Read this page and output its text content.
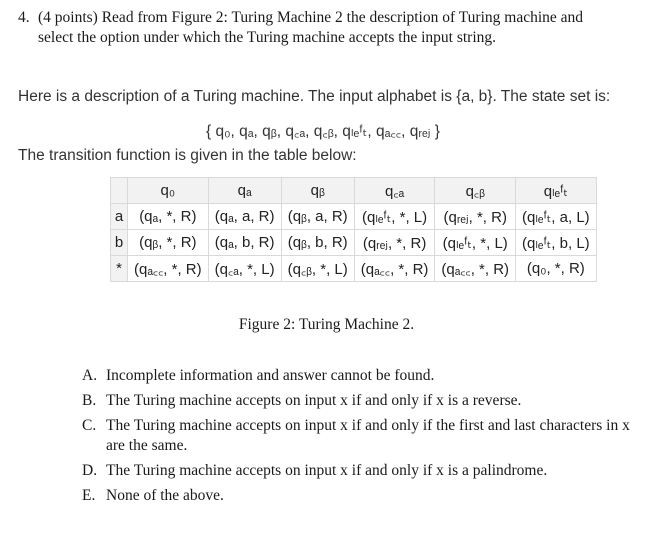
4. (4 points) Read from Figure 2: Turing Machine 2 the description of Turing machine and
select the option under which the Turing machine accepts the input string.
Here is a description of a Turing machine. The input alphabet is {a, b}. The state set is:
{ q₀, qₐ, qᵦ, q꜀ₐ, q꜀ᵦ, qₗₑᶠₜ, qₐ꜀꜀, qᵣₑⱼ }
The transition function is given in the table below:
	q₀	qₐ	qᵦ	q꜀ₐ	q꜀ᵦ	qₗₑᶠₜ
a	(qₐ, *, R)	(qₐ, a, R)	(qᵦ, a, R)	(qₗₑᶠₜ, *, L)	(qᵣₑⱼ, *, R)	(qₗₑᶠₜ, a, L)
b	(qᵦ, *, R)	(qₐ, b, R)	(qᵦ, b, R)	(qᵣₑⱼ, *, R)	(qₗₑᶠₜ, *, L)	(qₗₑᶠₜ, b, L)
*	(qₐ꜀꜀, *, R)	(q꜀ₐ, *, L)	(q꜀ᵦ, *, L)	(qₐ꜀꜀, *, R)	(qₐ꜀꜀, *, R)	(q₀, *, R)
Figure 2: Turing Machine 2.
A. Incomplete information and answer cannot be found.
B. The Turing machine accepts on input x if and only if x is a reverse.
C. The Turing machine accepts on input x if and only if the first and last characters in x are the same.
D. The Turing machine accepts on input x if and only if x is a palindrome.
E. None of the above.
